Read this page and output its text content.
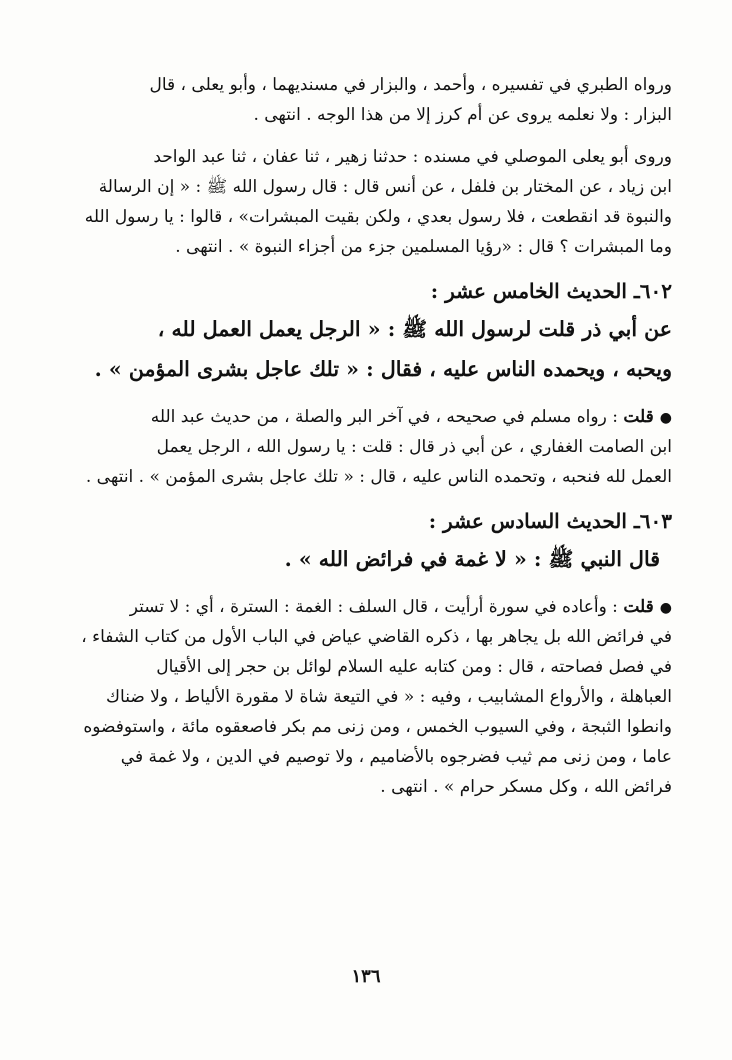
ورواه الطبري في تفسيره ، وأحمد ، والبزار في مسنديهما ، وأبو يعلى ، قال
البزار : ولا نعلمه يروى عن أم كرز إلا من هذا الوجه . انتهى .
وروى أبو يعلى الموصلي في مسنده : حدثنا زهير ، ثنا عفان ، ثنا عبد الواحد
ابن زياد ، عن المختار بن فلفل ، عن أنس قال : قال رسول الله ﷺ : « إن الرسالة
والنبوة قد انقطعت ، فلا رسول بعدي ، ولكن بقيت المبشرات» ، قالوا : يا رسول الله
وما المبشرات ؟ قال : «رؤيا المسلمين جزء من أجزاء النبوة » . انتهى .
٦٠٢ـ الحديث الخامس عشر :
عن أبي ذر قلت لرسول الله ﷺ : « الرجل يعمل العمل لله ،
ويحبه ، ويحمده الناس عليه ، فقال : « تلك عاجل بشرى المؤمن » .
●قلت : رواه مسلم في صحيحه ، في آخر البر والصلة ، من حديث عبد الله
ابن الصامت الغفاري ، عن أبي ذر قال : قلت : يا رسول الله ، الرجل يعمل
العمل لله فنحبه ، وتحمده الناس عليه ، قال : « تلك عاجل بشرى المؤمن » . انتهى .
٦٠٣ـ الحديث السادس عشر :
قال النبي ﷺ : « لا غمة في فرائض الله » .
●قلت : وأعاده في سورة أرأيت ، قال السلف : الغمة : السترة ، أي : لا تستر
في فرائض الله بل يجاهر بها ، ذكره القاضي عياض في الباب الأول من كتاب الشفاء ،
في فصل فصاحته ، قال : ومن كتابه عليه السلام لوائل بن حجر إلى الأقيال
العباهلة ، والأرواع المشابيب ، وفيه : « في التيعة شاة لا مقورة الألياط ، ولا ضناك
وانطوا الثبجة ، وفي السيوب الخمس ، ومن زنى مم بكر فاصعقوه مائة ، واستوفضوه
عاما ، ومن زنى مم ثيب فضرجوه بالأضاميم ، ولا توصيم في الدين ، ولا غمة في
فرائض الله ، وكل مسكر حرام » . انتهى .
١٣٦
